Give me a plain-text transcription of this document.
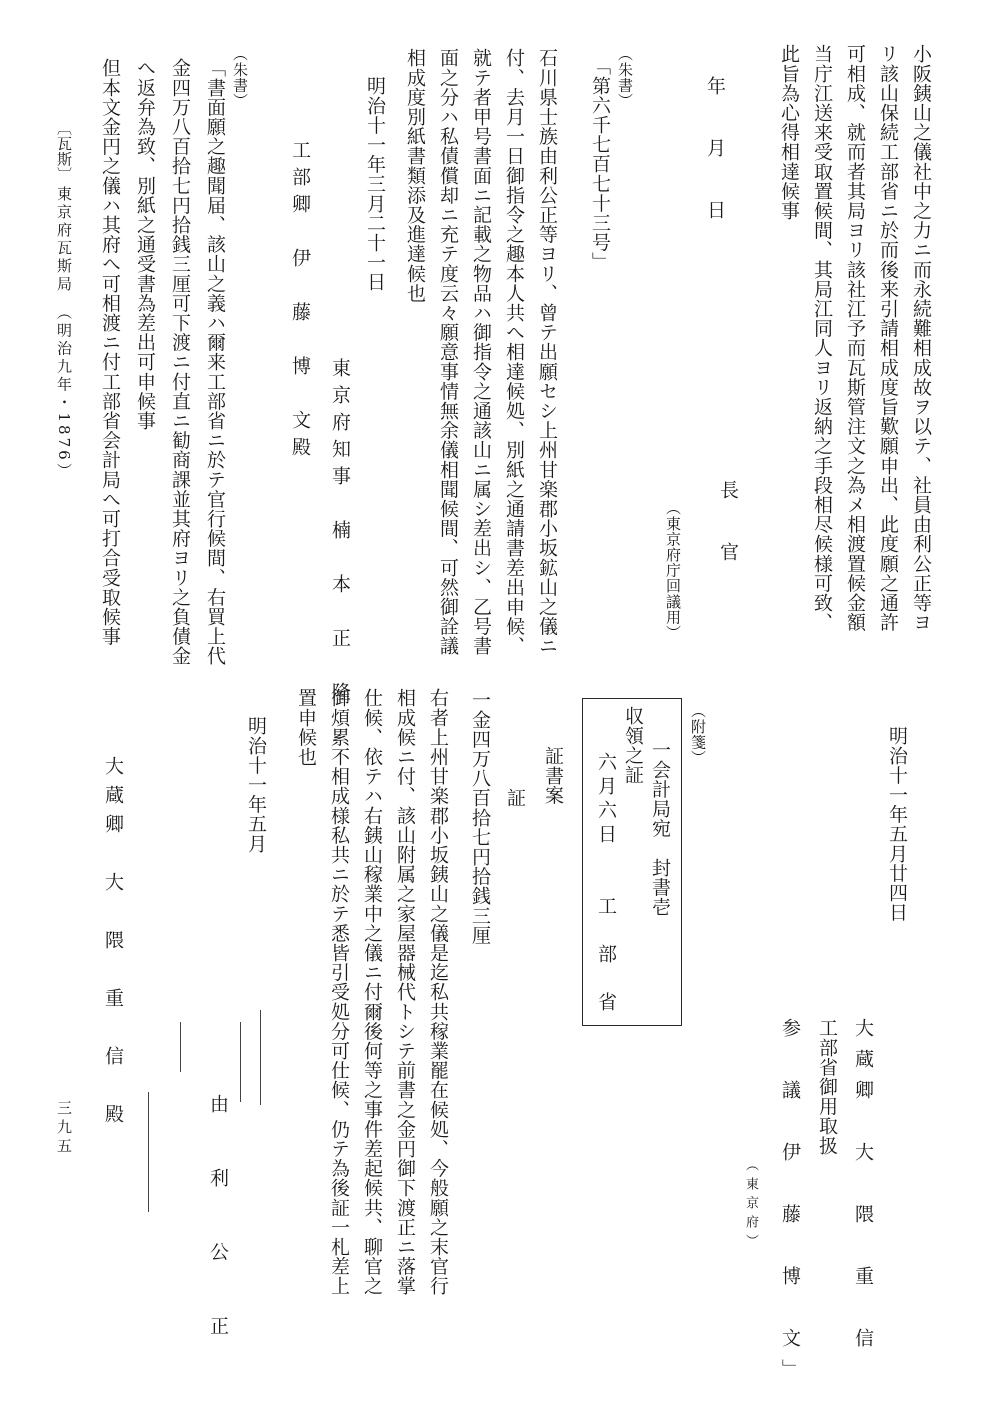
小阪銕山之儀社中之力ニ而永続難相成故ヲ以テ、社員由利公正等ヨ
リ該山保続工部省ニ於而後来引請相成度旨歎願申出、此度願之通許
可相成、就而者其局ヨリ該社江予而瓦斯管注文之為メ相渡置候金額
当庁江送来受取置候間、其局江同人ヨリ返納之手段相尽候様可致、
此旨為心得相達候事
年　月　日
長　官
（東京府庁回議用）
（朱書）
「第六千七百七十三号」
石川県士族由利公正等ヨリ、曾テ出願セシ上州甘楽郡小坂鉱山之儀ニ
付、去月一日御指令之趣本人共へ相達候処、別紙之通請書差出申候、
就テ者甲号書面ニ記載之物品ハ御指令之通該山ニ属シ差出シ、乙号書
面之分ハ私債償却ニ充テ度云々願意事情無余儀相聞候間、可然御詮議
相成度別紙書類添及進達候也
明治十一年三月二十一日
東京府知事　楠　本　正　隆
工部卿　伊　藤　博　文殿
（朱書）
「書面願之趣聞届、該山之義ハ爾来工部省ニ於テ官行候間、右買上代
金四万八百拾七円拾銭三厘可下渡ニ付直ニ勧商課並其府ヨリ之負債金
へ返弁為致、別紙之通受書為差出可申候事
但本文金円之儀ハ其府へ可相渡ニ付工部省会計局へ可打合受取候事
〔瓦斯〕
東京府瓦斯局　（明治九年・1876）
明治十一年五月廿四日
大蔵卿　大　隈　重　信
工部省御用取扱
参　議　伊　藤　博　文」
（東京府）
（附箋）
収領之証 一会計局宛　封書壱
六月六日　　工　部　省
証書案
証
一金四万八百拾七円拾銭三厘
右者上州甘楽郡小坂銕山之儀是迄私共稼業罷在候処、今般願之末官行
相成候ニ付、該山附属之家屋器械代トシテ前書之金円御下渡正ニ落掌
仕候、依テハ右銕山稼業中之儀ニ付爾後何等之事件差起候共、聊官之
御煩累不相成様私共ニ於テ悉皆引受処分可仕候、仍テ為後証一札差上
置申候也
明治十一年五月
由　利　公　正
大蔵卿　大　隈　重　信　殿
三九五
